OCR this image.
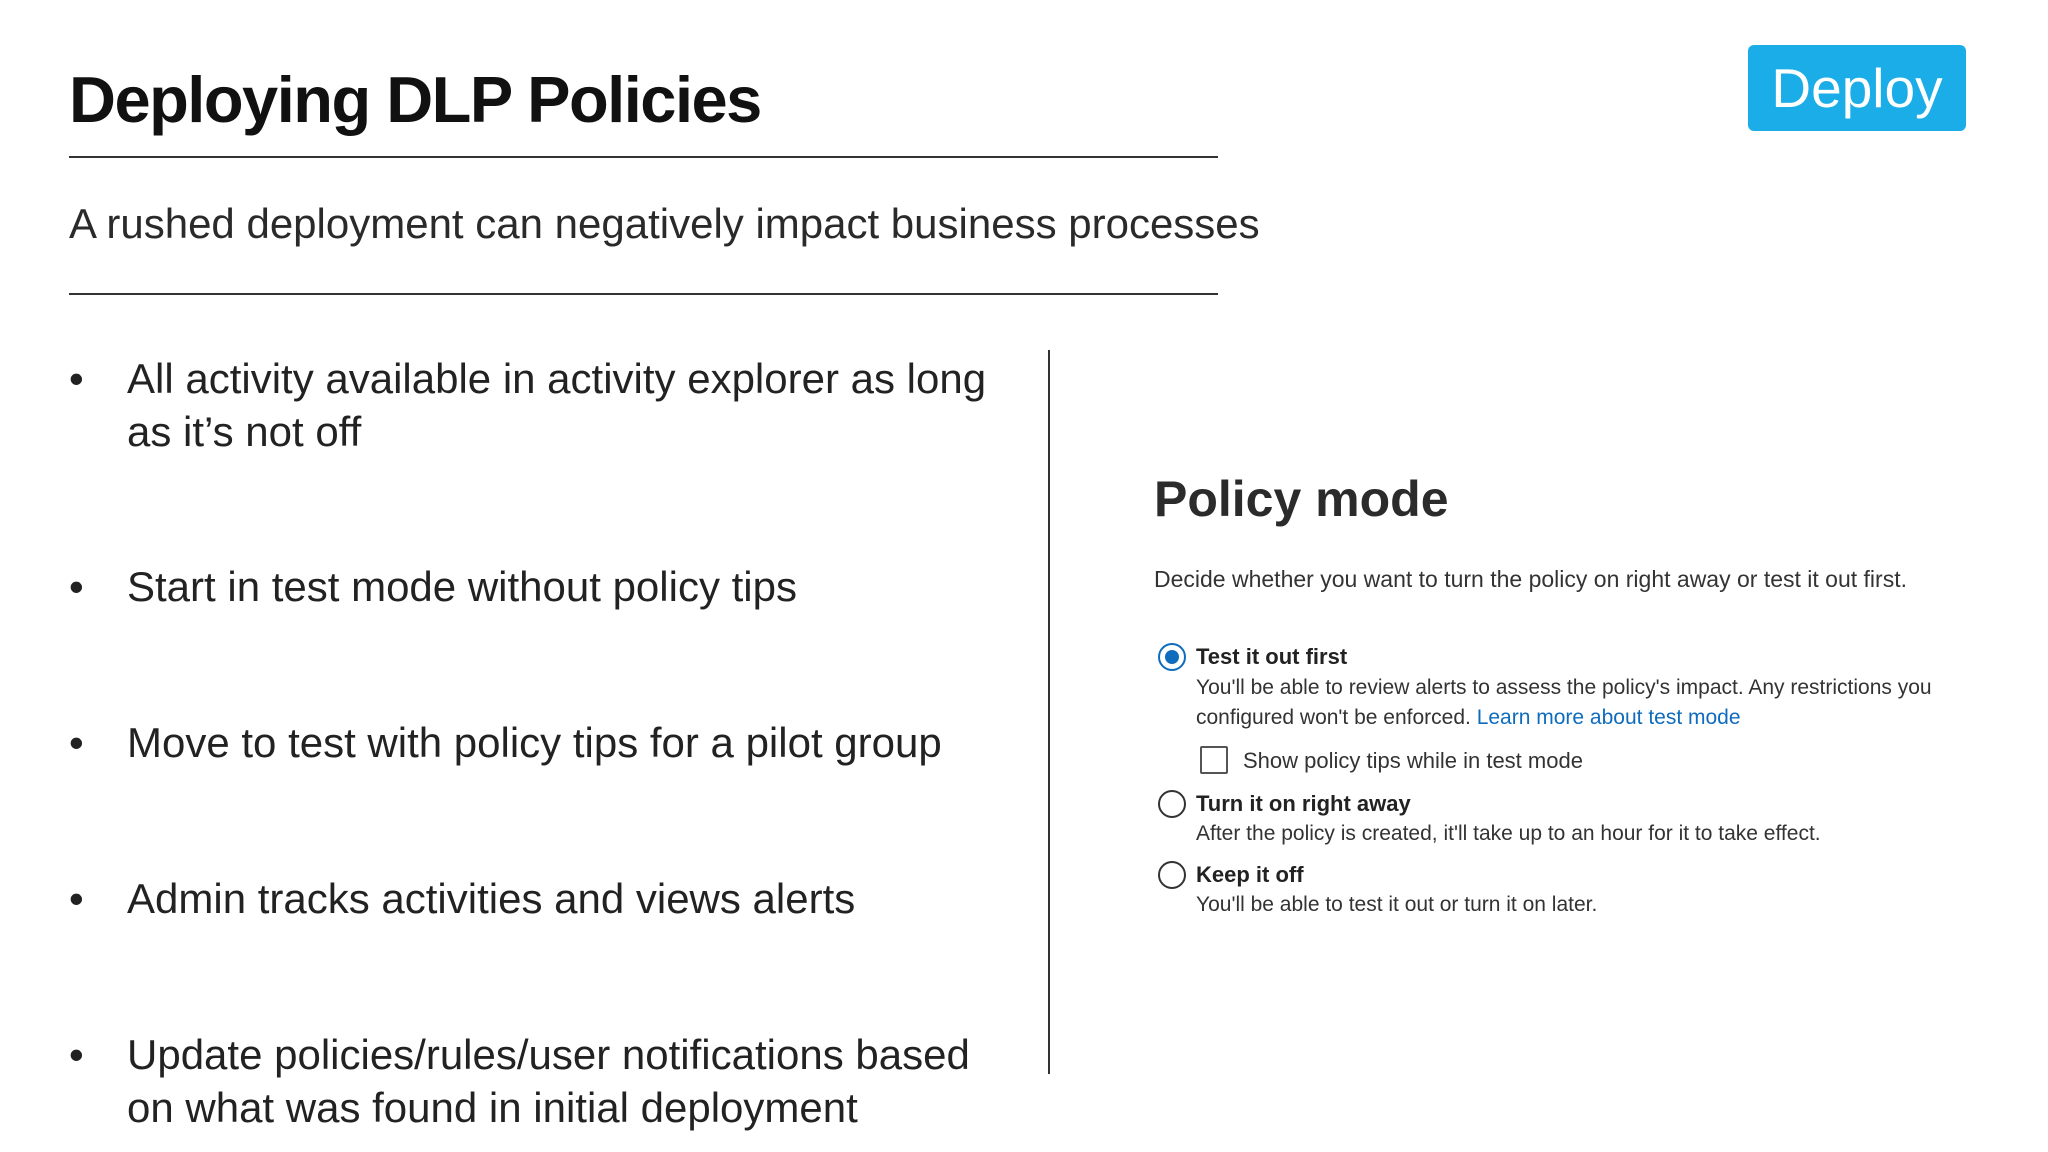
Deploying DLP Policies	Deploy

A rushed deployment can negatively impact business processes

• All activity available in activity explorer as long
as it’s not off
• Start in test mode without policy tips
• Move to test with policy tips for a pilot group
• Admin tracks activities and views alerts
• Update policies/rules/user notifications based
on what was found in initial deployment
Policy mode
Decide whether you want to turn the policy on right away or test it out first.
Test it out first
You'll be able to review alerts to assess the policy's impact. Any restrictions you
configured won't be enforced. Learn more about test mode
Show policy tips while in test mode
Turn it on right away
After the policy is created, it'll take up to an hour for it to take effect.
Keep it off
You'll be able to test it out or turn it on later.
